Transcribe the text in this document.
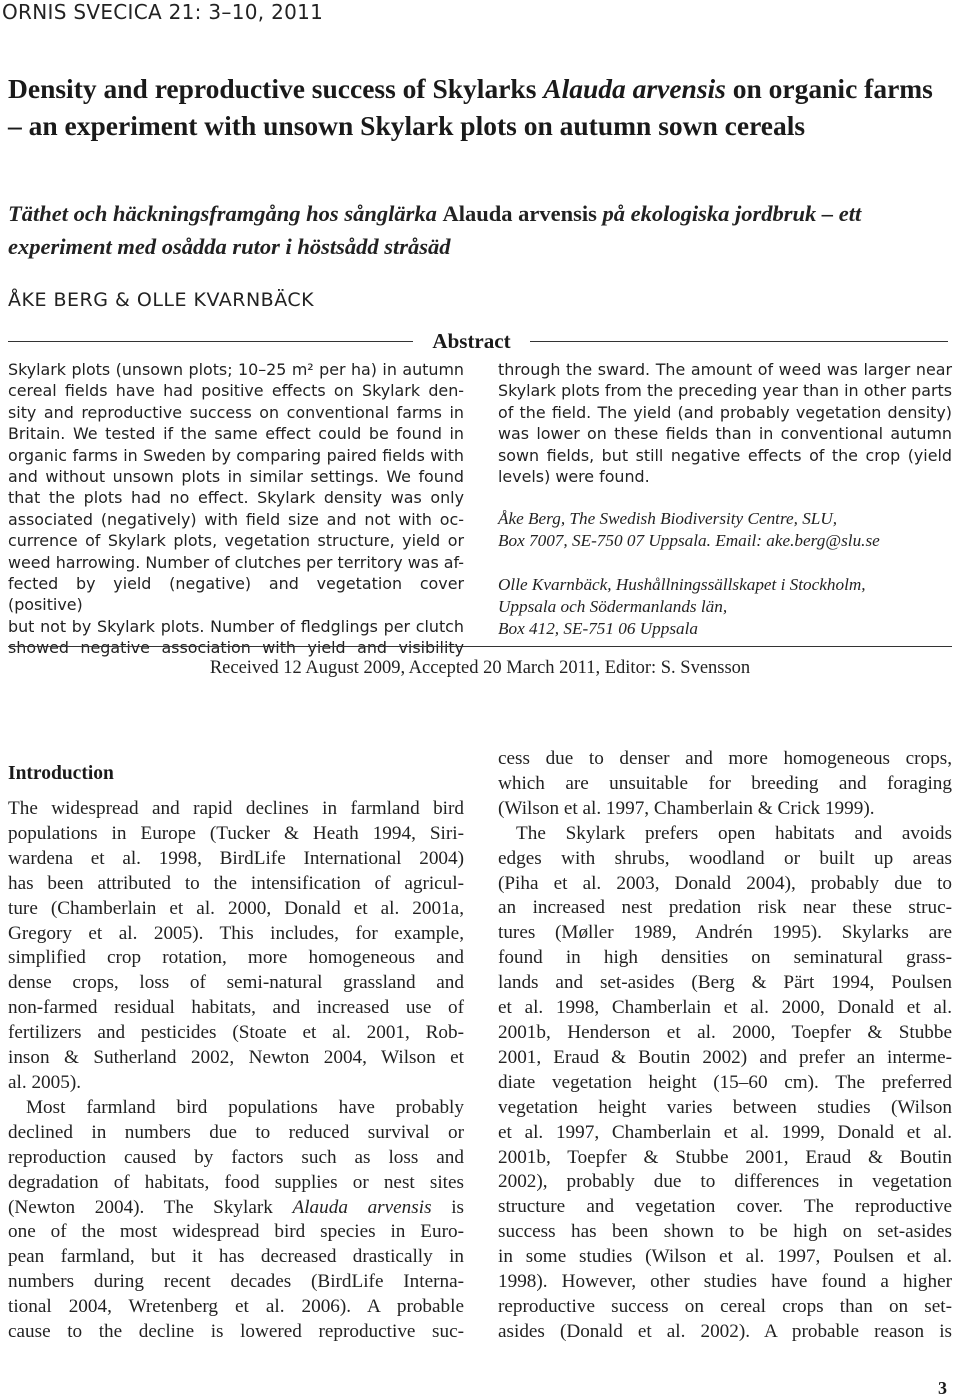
ORNIS SVECICA 21: 3–10, 2011
Density and reproductive success of Skylarks Alauda arvensis on organic farms – an experiment with unsown Skylark plots on autumn sown cereals
Täthet och häckningsframgång hos sånglärka Alauda arvensis på ekologiska jordbruk – ett experiment med osådda rutor i höstsådd stråsäd
ÅKE BERG & OLLE KVARNBÄCK
Abstract

Skylark plots (unsown plots; 10–25 m² per ha) in autumn

cereal fields have had positive effects on Skylark den-

sity and reproductive success on conventional farms in

Britain. We tested if the same effect could be found in

organic farms in Sweden by comparing paired fields with

and without unsown plots in similar settings. We found

that the plots had no effect. Skylark density was only

associated (negatively) with field size and not with oc-

currence of Skylark plots, vegetation structure, yield or

weed harrowing. Number of clutches per territory was af-

fected by yield (negative) and vegetation cover (positive)

but not by Skylark plots. Number of fledglings per clutch

showed negative association with yield and visibility

through the sward. The amount of weed was larger near Skylark plots from the preceding year than in other parts of the field. The yield (and probably vegetation density) was lower on these fields than in conventional autumn sown fields, but still negative effects of the crop (yield levels) were found.

Åke Berg, The Swedish Biodiversity Centre, SLU,
Box 7007, SE-750 07 Uppsala. Email: ake.berg@slu.se

Olle Kvarnbäck, Hushållningssällskapet i Stockholm,
Uppsala och Södermanlands län,
Box 412, SE-751 06 Uppsala

Received 12 August 2009, Accepted 20 March 2011, Editor: S. Svensson
Introduction

The widespread and rapid declines in farmland bird

populations in Europe (Tucker & Heath 1994, Siri-

wardena et al. 1998, BirdLife International 2004)

has been attributed to the intensification of agricul-

ture (Chamberlain et al. 2000, Donald et al. 2001a,

Gregory et al. 2005). This includes, for example,

simplified crop rotation, more homogeneous and

dense crops, loss of semi-natural grassland and

non-farmed residual habitats, and increased use of

fertilizers and pesticides (Stoate et al. 2001, Rob-

inson & Sutherland 2002, Newton 2004, Wilson et

al. 2005).

Most farmland bird populations have probably

declined in numbers due to reduced survival or

reproduction caused by factors such as loss and

degradation of habitats, food supplies or nest sites

(Newton 2004). The Skylark Alauda arvensis is

one of the most widespread bird species in Euro-

pean farmland, but it has decreased drastically in

numbers during recent decades (BirdLife Interna-

tional 2004, Wretenberg et al. 2006). A probable

cause to the decline is lowered reproductive suc-

cess due to denser and more homogeneous crops,

which are unsuitable for breeding and foraging

(Wilson et al. 1997, Chamberlain & Crick 1999).

The Skylark prefers open habitats and avoids

edges with shrubs, woodland or built up areas

(Piha et al. 2003, Donald 2004), probably due to

an increased nest predation risk near these struc-

tures (Møller 1989, Andrén 1995). Skylarks are

found in high densities on seminatural grass-

lands and set-asides (Berg & Pärt 1994, Poulsen

et al. 1998, Chamberlain et al. 2000, Donald et al.

2001b, Henderson et al. 2000, Toepfer & Stubbe

2001, Eraud & Boutin 2002) and prefer an interme-

diate vegetation height (15–60 cm). The preferred

vegetation height varies between studies (Wilson

et al. 1997, Chamberlain et al. 1999, Donald et al.

2001b, Toepfer & Stubbe 2001, Eraud & Boutin

2002), probably due to differences in vegetation

structure and vegetation cover. The reproductive

success has been shown to be high on set-asides

in some studies (Wilson et al. 1997, Poulsen et al.

1998). However, other studies have found a higher

reproductive success on cereal crops than on set-

asides (Donald et al. 2002). A probable reason is

3
